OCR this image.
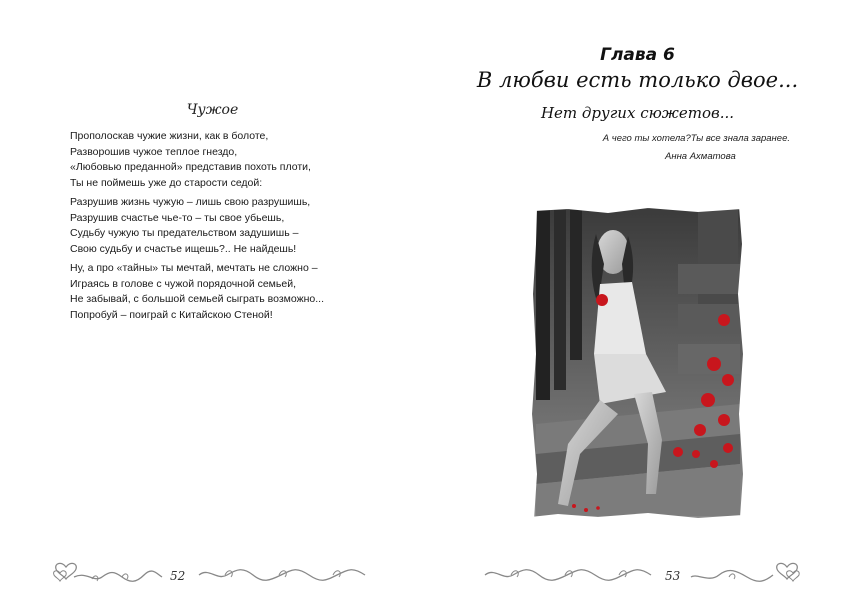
Чужое
Прополоскав чужие жизни, как в болоте,
Разворошив чужое теплое гнездо,
«Любовью преданной» представив похоть плоти,
Ты не поймешь уже до старости седой:
Разрушив жизнь чужую – лишь свою разрушишь,
Разрушив счастье чье-то – ты свое убьешь,
Судьбу чужую ты предательством задушишь –
Свою судьбу и счастье ищешь?.. Не найдешь!
Ну, а про «тайны» ты мечтай, мечтать не сложно –
Играясь в голове с чужой порядочной семьей,
Не забывай, с большой семьей сыграть возможно...
Попробуй – поиграй с Китайскою Стеной!
52
Глава 6
В любви есть только двое...
Нет других сюжетов...
А чего ты хотела?Ты все знала заранее.
Анна Ахматова
53
